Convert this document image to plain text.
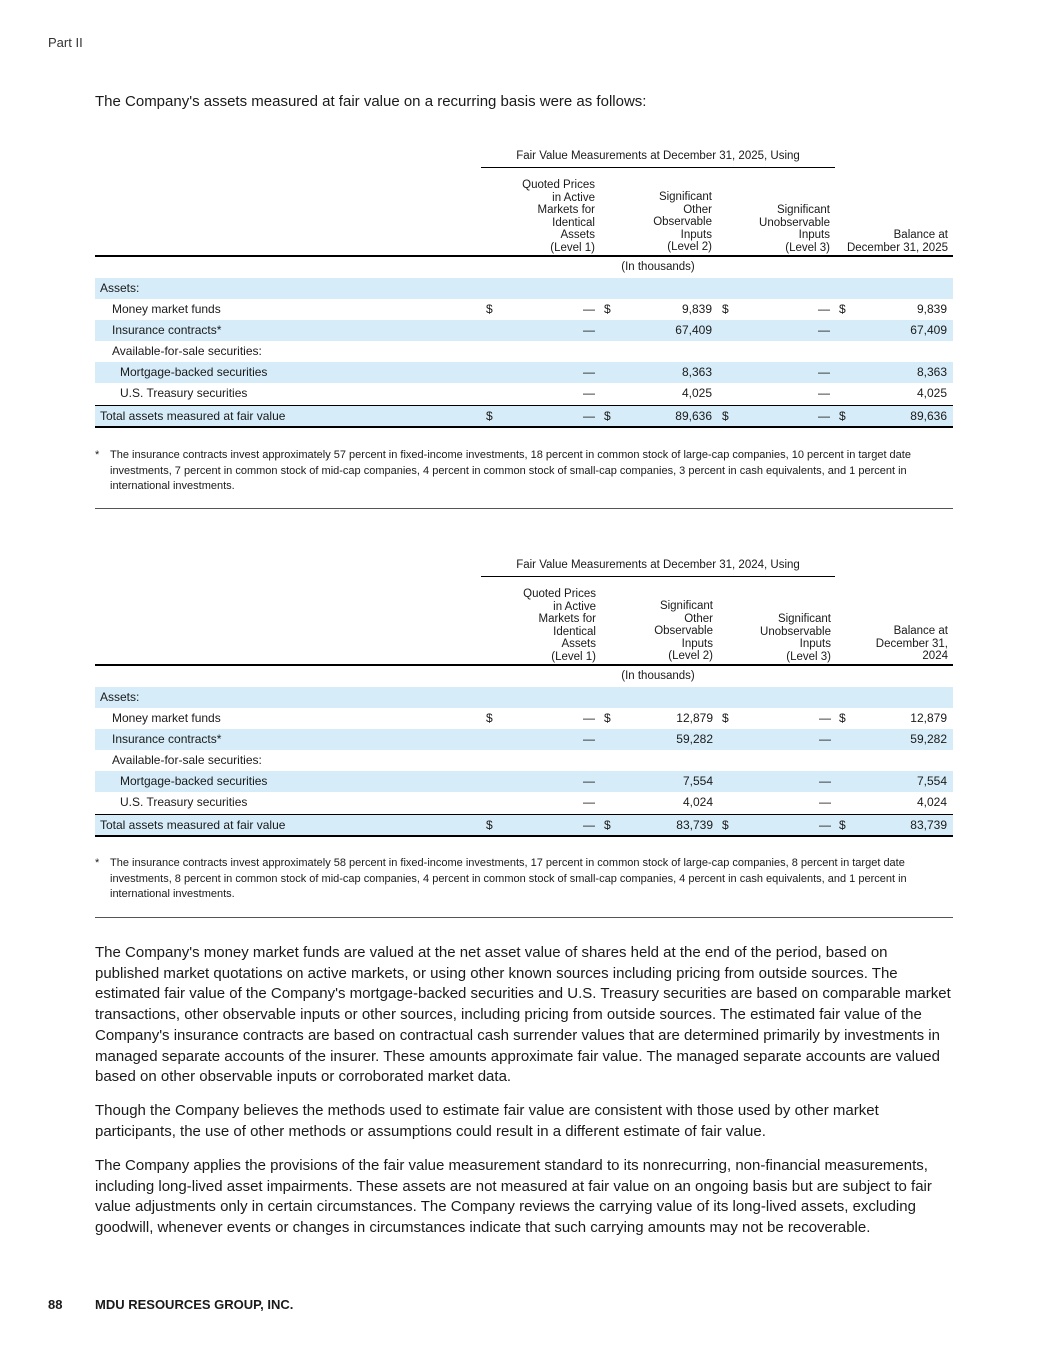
Part II
The Company's assets measured at fair value on a recurring basis were as follows:
Fair Value Measurements at December 31, 2025, Using
Quoted Prices
in Active
Markets for
Identical
Assets
(Level 1)
Significant
Other
Observable
Inputs
(Level 2)
Significant
Unobservable
Inputs
(Level 3)
Balance at
December 31, 2025
(In thousands)
Assets:
Money market funds	$	— $	9,839 $	— $	9,839
Insurance contracts*	—	67,409	—	67,409
Available-for-sale securities:
Mortgage-backed securities	—	8,363	—	8,363
U.S. Treasury securities	—	4,025	—	4,025
Total assets measured at fair value	$	— $	89,636 $	— $	89,636
* The insurance contracts invest approximately 57 percent in fixed-income investments, 18 percent in common stock of large-cap companies, 10 percent in target date investments, 7 percent in common stock of mid-cap companies, 4 percent in common stock of small-cap companies, 3 percent in cash equivalents, and 1 percent in international investments.
Fair Value Measurements at December 31, 2024, Using
Quoted Prices
in Active
Markets for
Identical
Assets
(Level 1)
Significant
Other
Observable
Inputs
(Level 2)
Significant
Unobservable
Inputs
(Level 3)
Balance at
December 31,
2024
(In thousands)
Assets:
Money market funds	$	— $	12,879 $	— $	12,879
Insurance contracts*	—	59,282	—	59,282
Available-for-sale securities:
Mortgage-backed securities	—	7,554	—	7,554
U.S. Treasury securities	—	4,024	—	4,024
Total assets measured at fair value	$	— $	83,739 $	— $	83,739
* The insurance contracts invest approximately 58 percent in fixed-income investments, 17 percent in common stock of large-cap companies, 8 percent in target date investments, 8 percent in common stock of mid-cap companies, 4 percent in common stock of small-cap companies, 4 percent in cash equivalents, and 1 percent in international investments.
The Company's money market funds are valued at the net asset value of shares held at the end of the period, based on published market quotations on active markets, or using other known sources including pricing from outside sources. The estimated fair value of the Company's mortgage-backed securities and U.S. Treasury securities are based on comparable market transactions, other observable inputs or other sources, including pricing from outside sources. The estimated fair value of the Company's insurance contracts are based on contractual cash surrender values that are determined primarily by investments in managed separate accounts of the insurer. These amounts approximate fair value. The managed separate accounts are valued based on other observable inputs or corroborated market data.
Though the Company believes the methods used to estimate fair value are consistent with those used by other market participants, the use of other methods or assumptions could result in a different estimate of fair value.
The Company applies the provisions of the fair value measurement standard to its nonrecurring, non-financial measurements, including long-lived asset impairments. These assets are not measured at fair value on an ongoing basis but are subject to fair value adjustments only in certain circumstances. The Company reviews the carrying value of its long-lived assets, excluding goodwill, whenever events or changes in circumstances indicate that such carrying amounts may not be recoverable.
88	MDU RESOURCES GROUP, INC.
